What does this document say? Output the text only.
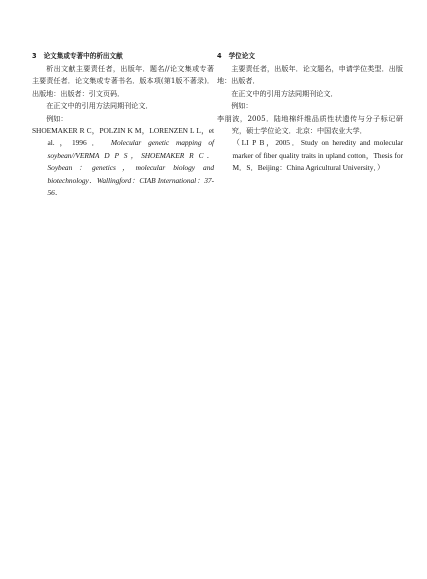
3 论文集或专著中的析出文献

析出文献主要责任者，出版年．题名//论文集或专著主要责任者．论文集或专著书名．版本项(第1版不著录)．出版地：出版者：引文页码．

在正文中的引用方法同期刊论文．

例如：

SHOEMAKER R C，POLZIN K M，LORENZEN L L，et al.，1996． Molecular genetic mapping of soybean//VERMA D P S，SHOEMAKER R C．Soybean：genetics，molecular biology and biotechnology．Wallingford：CIAB International：37-56．

4 学位论文

主要责任者，出版年．论文题名，申请学位类型．出版地：出版者．

在正文中的引用方法同期刊论文．

例如：

李朋波，2005．陆地棉纤维品质性状遗传与分子标记研究，硕士学位论文．北京：中国农业大学．

（LI P B，2005．Study on heredity and molecular marker of fiber quality traits in upland cotton，Thesis for M．S．Beijing：China Agricultural University．）
